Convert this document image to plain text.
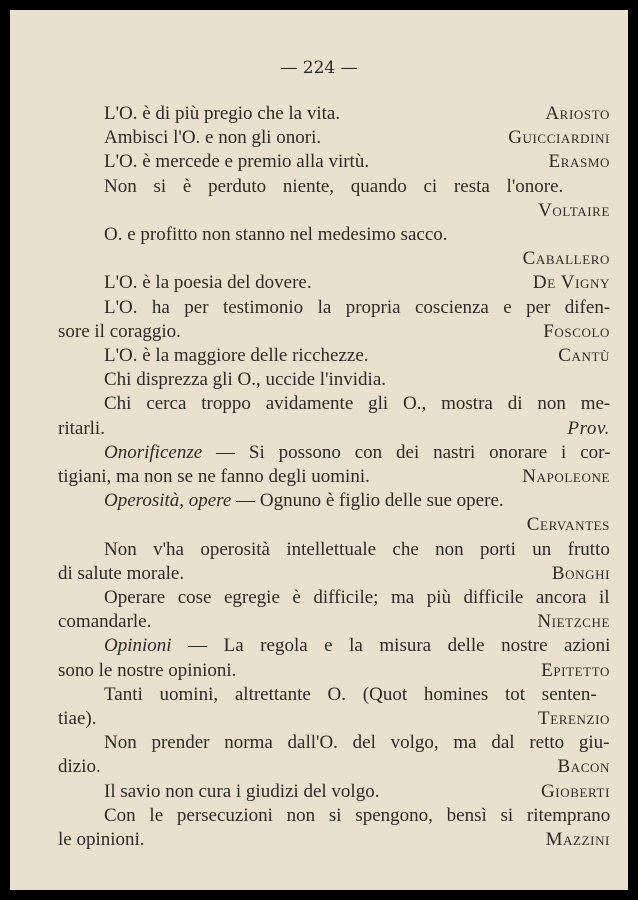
— 224 —
L'O. è di più pregio che la vita.	Ariosto
Ambisci l'O. e non gli onori.	Guicciardini
L'O. è mercede e premio alla virtù.	Erasmo
Non si è perduto niente, quando ci resta l'onore.
Voltaire
O. e profitto non stanno nel medesimo sacco.
Caballero
L'O. è la poesia del dovere.	De Vigny
L'O. ha per testimonio la propria coscienza e per difen-
sore il coraggio.	Foscolo
L'O. è la maggiore delle ricchezze.	Cantù
Chi disprezza gli O., uccide l'invidia.
Chi cerca troppo avidamente gli O., mostra di non me-
ritarli.	Prov.
Onorificenze — Si possono con dei nastri onorare i cor-
tigiani, ma non se ne fanno degli uomini.	Napoleone
Operosità, opere — Ognuno è figlio delle sue opere.
Cervantes
Non v'ha operosità intellettuale che non porti un frutto
di salute morale.	Bonghi
Operare cose egregie è difficile; ma più difficile ancora il
comandarle.	Nietzche
Opinioni — La regola e la misura delle nostre azioni
sono le nostre opinioni.	Epitetto
Tanti uomini, altrettante O. (Quot homines tot senten-
tiae).	Terenzio
Non prender norma dall'O. del volgo, ma dal retto giu-
dizio.	Bacon
Il savio non cura i giudizi del volgo.	Gioberti
Con le persecuzioni non si spengono, bensì si ritemprano
le opinioni.	Mazzini
